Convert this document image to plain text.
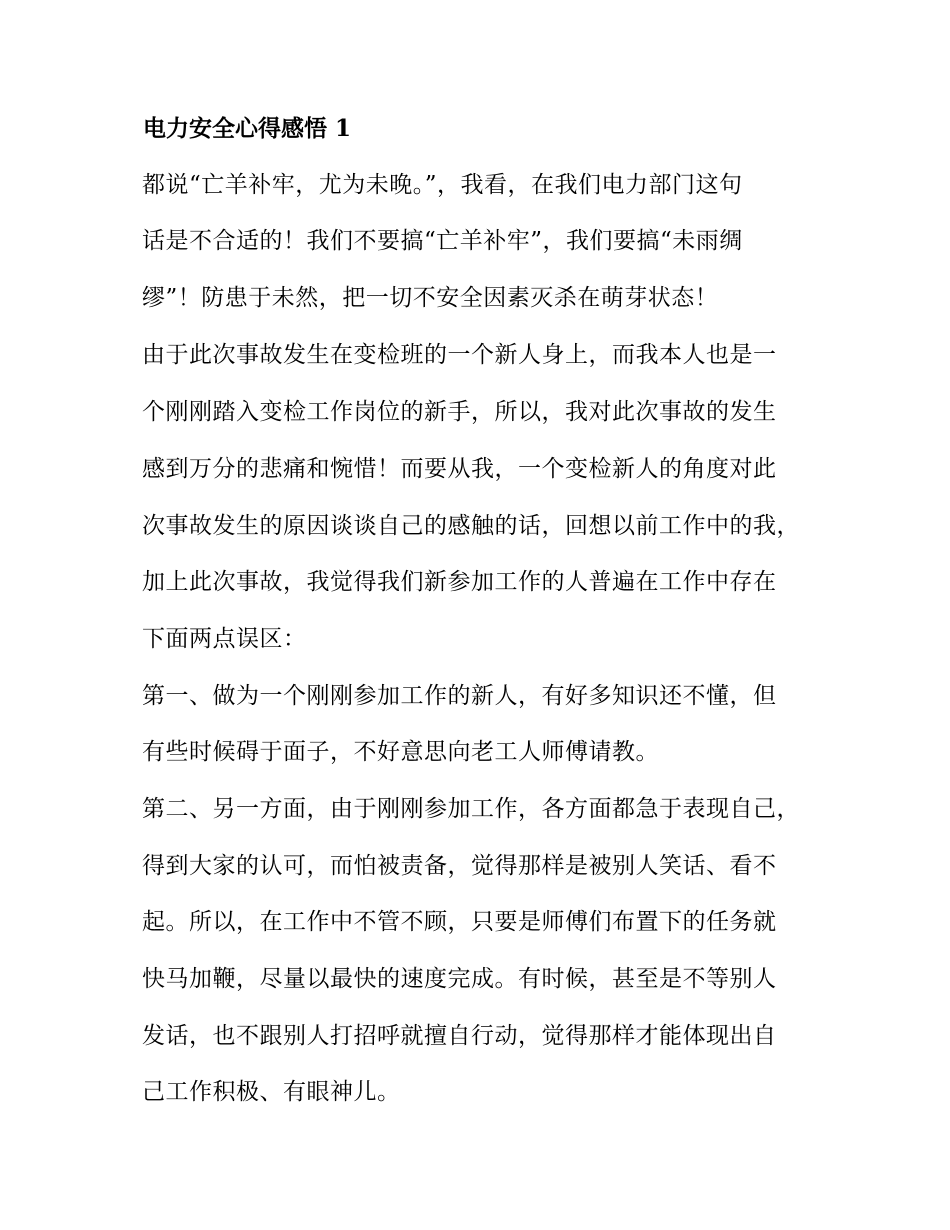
电力安全心得感悟 1
都说“亡羊补牢，尤为未晚。”，我看，在我们电力部门这句
话是不合适的！我们不要搞“亡羊补牢”，我们要搞“未雨绸
缪”！防患于未然，把一切不安全因素灭杀在萌芽状态！
由于此次事故发生在变检班的一个新人身上，而我本人也是一
个刚刚踏入变检工作岗位的新手，所以，我对此次事故的发生
感到万分的悲痛和惋惜！而要从我，一个变检新人的角度对此
次事故发生的原因谈谈自己的感触的话，回想以前工作中的我，
加上此次事故，我觉得我们新参加工作的人普遍在工作中存在
下面两点误区：
第一、做为一个刚刚参加工作的新人，有好多知识还不懂，但
有些时候碍于面子，不好意思向老工人师傅请教。
第二、另一方面，由于刚刚参加工作，各方面都急于表现自己，
得到大家的认可，而怕被责备，觉得那样是被别人笑话、看不
起。所以，在工作中不管不顾，只要是师傅们布置下的任务就
快马加鞭，尽量以最快的速度完成。有时候，甚至是不等别人
发话，也不跟别人打招呼就擅自行动，觉得那样才能体现出自
己工作积极、有眼神儿。
